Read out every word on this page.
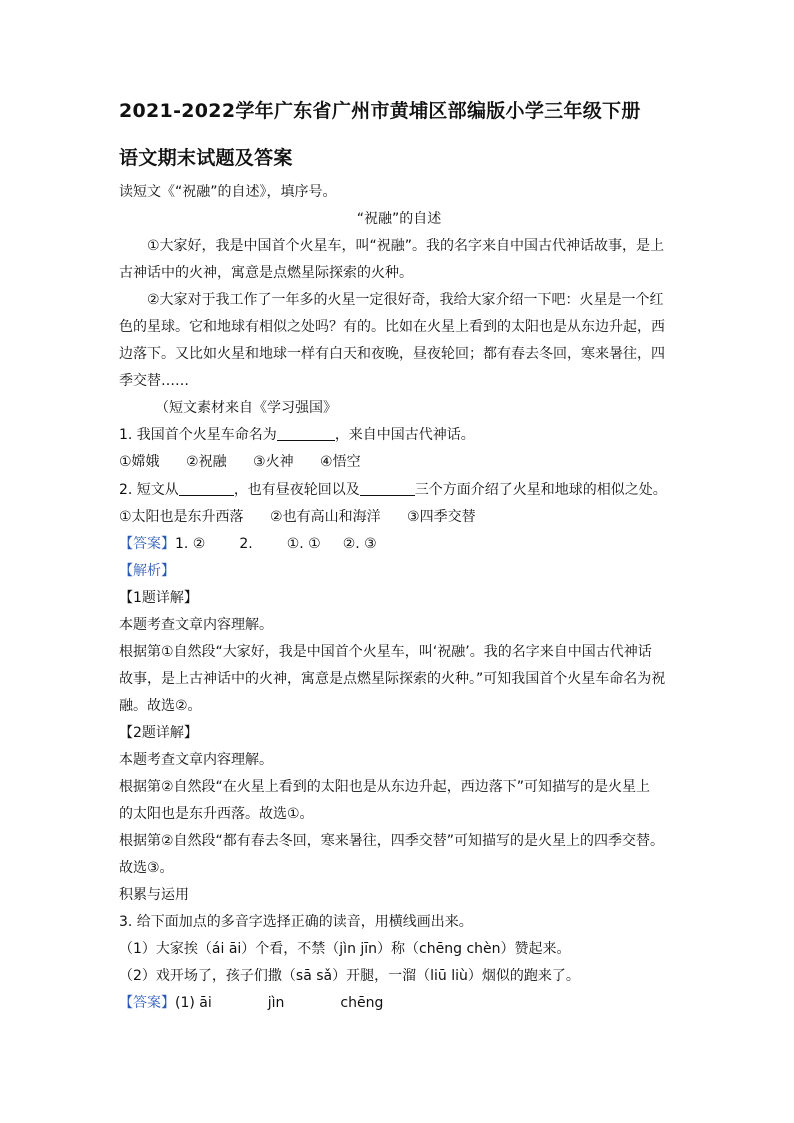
2021-2022学年广东省广州市黄埔区部编版小学三年级下册
语文期末试题及答案
读短文《“祝融”的自述》，填序号。
“祝融”的自述
①大家好，我是中国首个火星车，叫“祝融”。我的名字来自中国古代神话故事，是上
古神话中的火神，寓意是点燃星际探索的火种。
②大家对于我工作了一年多的火星一定很好奇，我给大家介绍一下吧：火星是一个红
色的星球。它和地球有相似之处吗？有的。比如在火星上看到的太阳也是从东边升起，西
边落下。又比如火星和地球一样有白天和夜晚，昼夜轮回；都有春去冬回，寒来暑往，四
季交替……
（短文素材来自《学习强国》
1. 我国首个火星车命名为	，来自中国古代神话。
①嫦娥 ②祝融 ③火神 ④悟空
2. 短文从	，也有昼夜轮回以及	三个方面介绍了火星和地球的相似之处。
①太阳也是东升西落 ②也有高山和海洋 ③四季交替
【答案】1. ② 2. ①. ① ②. ③
【解析】
【1题详解】
本题考查文章内容理解。
根据第①自然段“大家好，我是中国首个火星车，叫‘祝融’。我的名字来自中国古代神话
故事，是上古神话中的火神，寓意是点燃星际探索的火种。”可知我国首个火星车命名为祝
融。故选②。
【2题详解】
本题考查文章内容理解。
根据第②自然段“在火星上看到的太阳也是从东边升起，西边落下”可知描写的是火星上
的太阳也是东升西落。故选①。
根据第②自然段“都有春去冬回，寒来暑往，四季交替”可知描写的是火星上的四季交替。
故选③。
积累与运用
3. 给下面加点的多音字选择正确的读音，用横线画出来。
（1）大家挨（ái āi）个看，不禁（jìn jīn）称（chēng chèn）赞起来。
（2）戏开场了，孩子们撒（sā sǎ）开腿，一溜（liū liù）烟似的跑来了。
【答案】(1) āi	jìn	chēng
